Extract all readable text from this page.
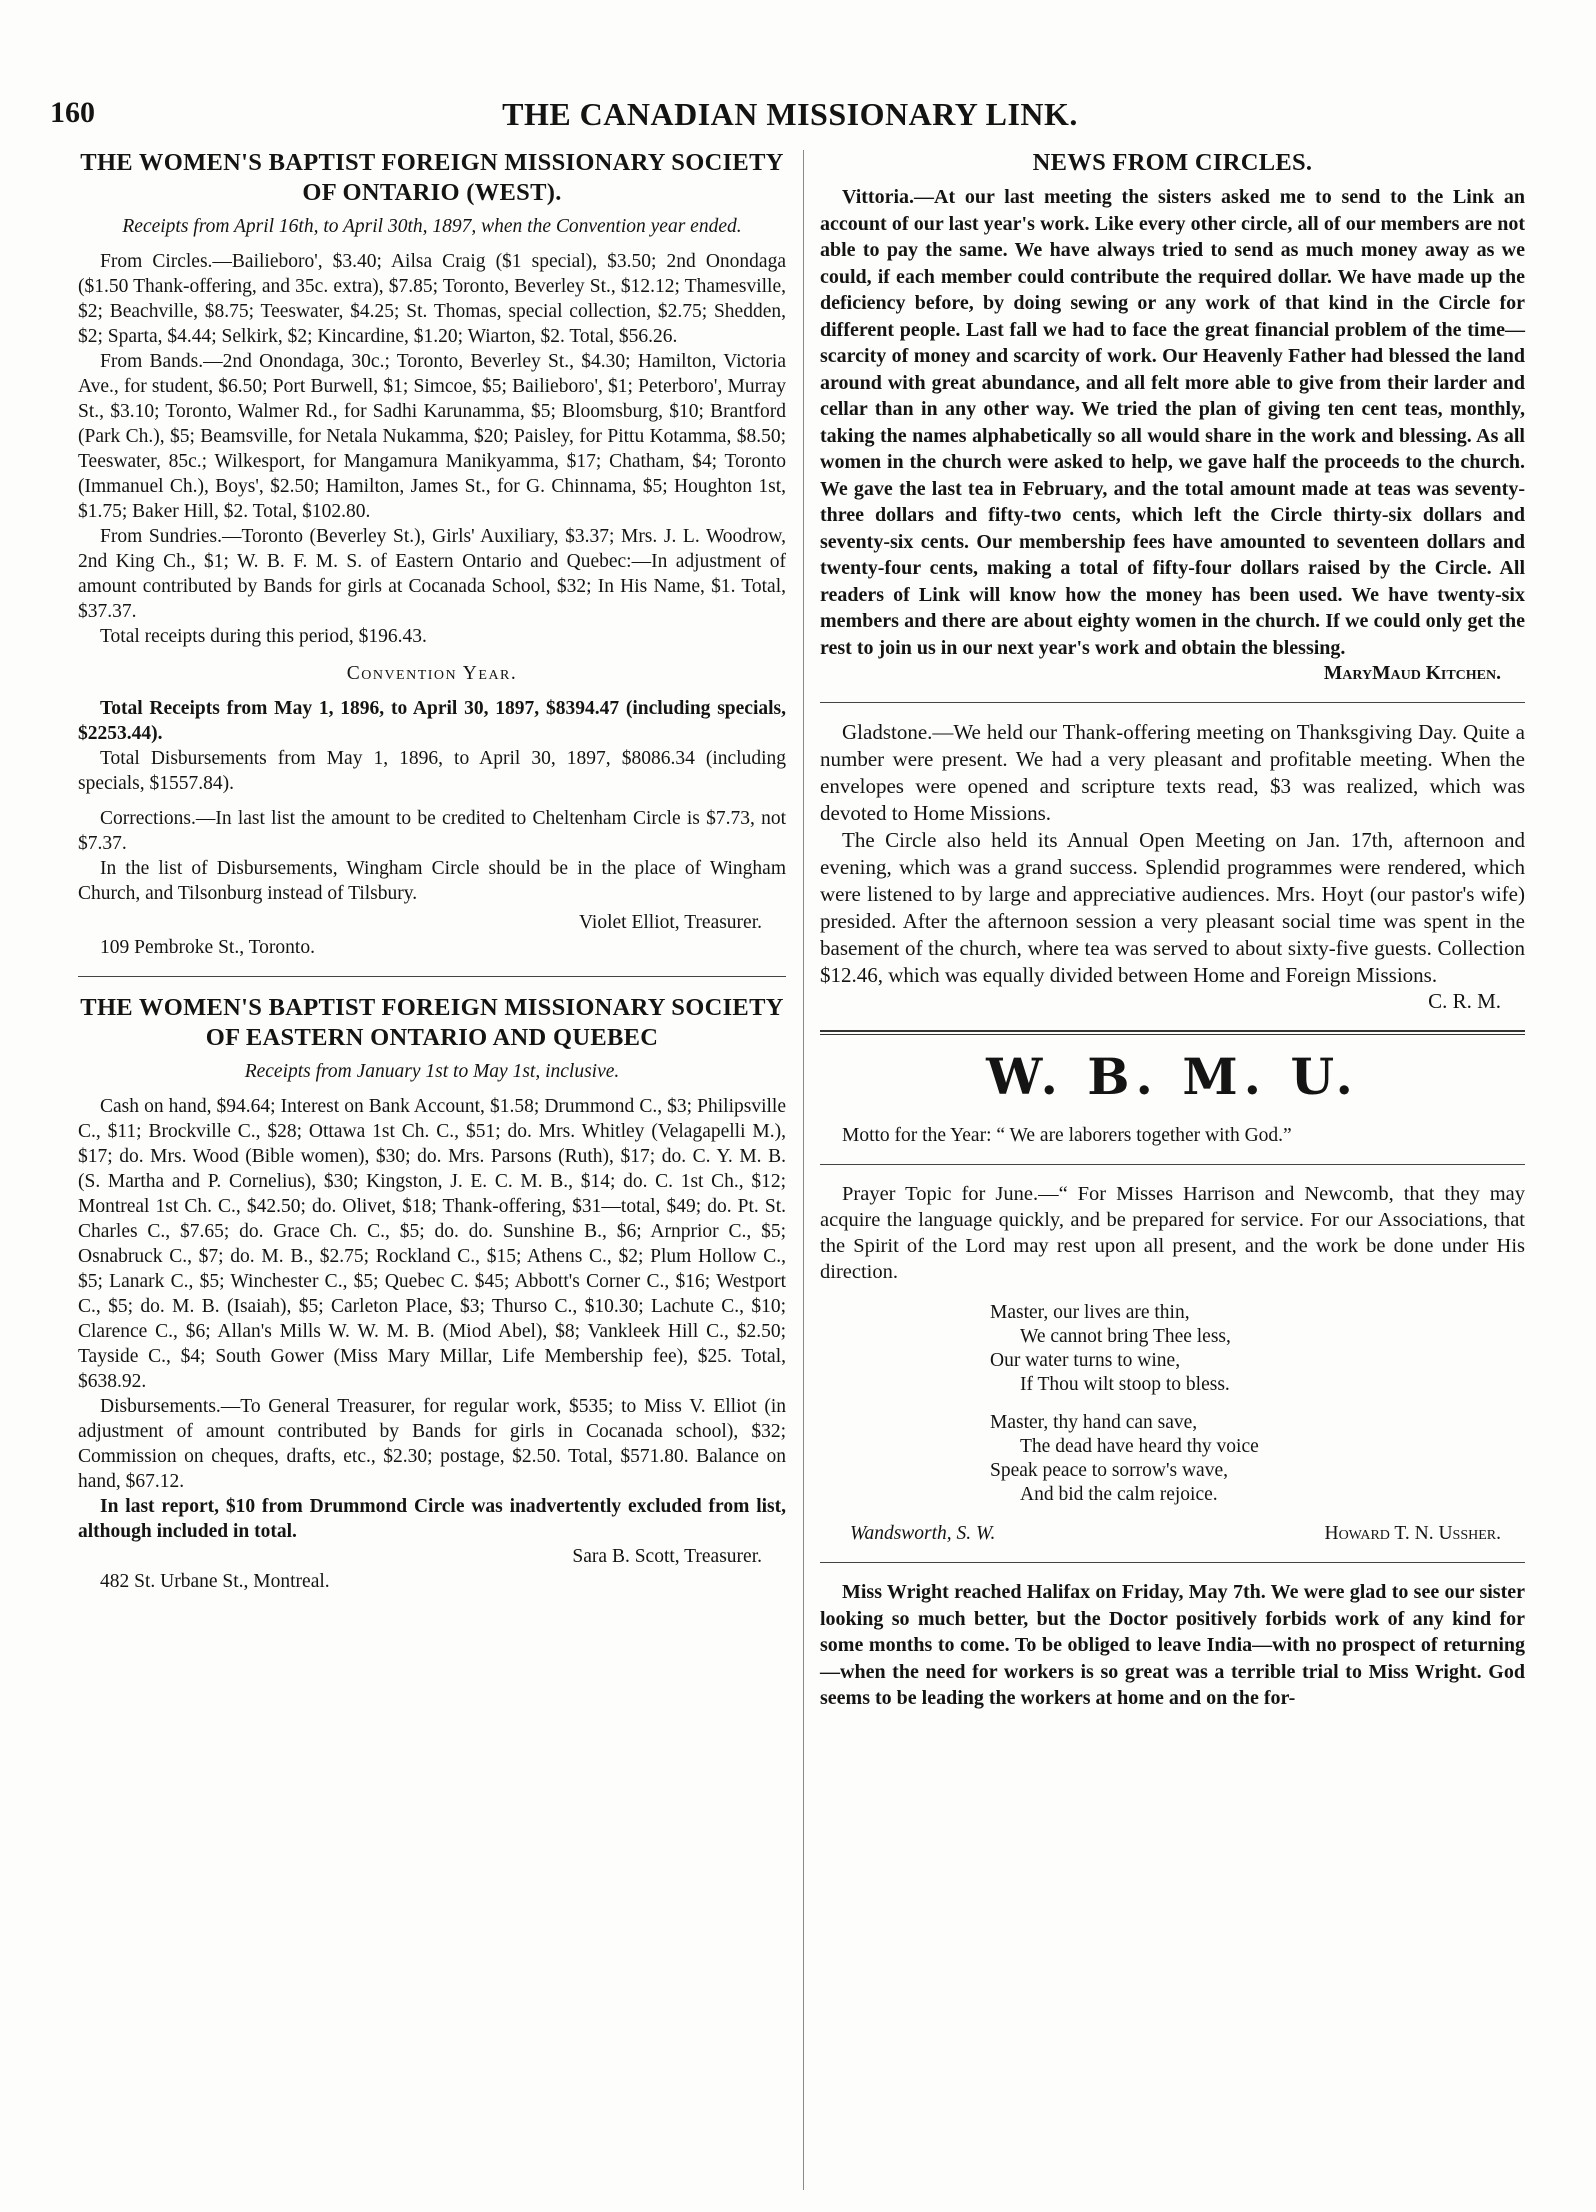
160	THE CANADIAN MISSIONARY LINK.
THE WOMEN'S BAPTIST FOREIGN MISSIONARY SOCIETY OF ONTARIO (WEST).
Receipts from April 16th, to April 30th, 1897, when the Convention year ended.

From Circles.—Bailieboro', $3.40; Ailsa Craig ($1 special), $3.50; 2nd Onondaga ($1.50 Thank-offering, and 35c. extra), $7.85; Toronto, Beverley St., $12.12; Thamesville, $2; Beachville, $8.75; Teeswater, $4.25; St. Thomas, special collection, $2.75; Shedden, $2; Sparta, $4.44; Selkirk, $2; Kincardine, $1.20; Wiarton, $2. Total, $56.26.

From Bands.—2nd Onondaga, 30c.; Toronto, Beverley St., $4.30; Hamilton, Victoria Ave., for student, $6.50; Port Burwell, $1; Simcoe, $5; Bailieboro', $1; Peterboro', Murray St., $3.10; Toronto, Walmer Rd., for Sadhi Karunamma, $5; Bloomsburg, $10; Brantford (Park Ch.), $5; Beamsville, for Netala Nukamma, $20; Paisley, for Pittu Kotamma, $8.50; Teeswater, 85c.; Wilkesport, for Mangamura Manikyamma, $17; Chatham, $4; Toronto (Immanuel Ch.), Boys', $2.50; Hamilton, James St., for G. Chinnama, $5; Houghton 1st, $1.75; Baker Hill, $2. Total, $102.80.

From Sundries.—Toronto (Beverley St.), Girls' Auxiliary, $3.37; Mrs. J. L. Woodrow, 2nd King Ch., $1; W. B. F. M. S. of Eastern Ontario and Quebec:—In adjustment of amount contributed by Bands for girls at Cocanada School, $32; In His Name, $1. Total, $37.37.

Total receipts during this period, $196.43.

Convention Year.

Total Receipts from May 1, 1896, to April 30, 1897, $8394.47 (including specials, $2253.44).

Total Disbursements from May 1, 1896, to April 30, 1897, $8086.34 (including specials, $1557.84).

Corrections.—In last list the amount to be credited to Cheltenham Circle is $7.73, not $7.37.

In the list of Disbursements, Wingham Circle should be in the place of Wingham Church, and Tilsonburg instead of Tilsbury.

Violet Elliot, Treasurer.

109 Pembroke St., Toronto.

THE WOMEN'S BAPTIST FOREIGN MISSIONARY SOCIETY OF EASTERN ONTARIO AND QUEBEC
Receipts from January 1st to May 1st, inclusive.

Cash on hand, $94.64; Interest on Bank Account, $1.58; Drummond C., $3; Philipsville C., $11; Brockville C., $28; Ottawa 1st Ch. C., $51; do. Mrs. Whitley (Velagapelli M.), $17; do. Mrs. Wood (Bible women), $30; do. Mrs. Parsons (Ruth), $17; do. C. Y. M. B. (S. Martha and P. Cornelius), $30; Kingston, J. E. C. M. B., $14; do. C. 1st Ch., $12; Montreal 1st Ch. C., $42.50; do. Olivet, $18; Thank-offering, $31—total, $49; do. Pt. St. Charles C., $7.65; do. Grace Ch. C., $5; do. do. Sunshine B., $6; Arnprior C., $5; Osnabruck C., $7; do. M. B., $2.75; Rockland C., $15; Athens C., $2; Plum Hollow C., $5; Lanark C., $5; Winchester C., $5; Quebec C. $45; Abbott's Corner C., $16; Westport C., $5; do. M. B. (Isaiah), $5; Carleton Place, $3; Thurso C., $10.30; Lachute C., $10; Clarence C., $6; Allan's Mills W. W. M. B. (Miod Abel), $8; Vankleek Hill C., $2.50; Tayside C., $4; South Gower (Miss Mary Millar, Life Membership fee), $25. Total, $638.92.

Disbursements.—To General Treasurer, for regular work, $535; to Miss V. Elliot (in adjustment of amount contributed by Bands for girls in Cocanada school), $32; Commission on cheques, drafts, etc., $2.30; postage, $2.50. Total, $571.80. Balance on hand, $67.12.

In last report, $10 from Drummond Circle was inadvertently excluded from list, although included in total.

Sara B. Scott, Treasurer.

482 St. Urbane St., Montreal.

NEWS FROM CIRCLES.

Vittoria.—At our last meeting the sisters asked me to send to the Link an account of our last year's work. Like every other circle, all of our members are not able to pay the same. We have always tried to send as much money away as we could, if each member could contribute the required dollar. We have made up the deficiency before, by doing sewing or any work of that kind in the Circle for different people. Last fall we had to face the great financial problem of the time—scarcity of money and scarcity of work. Our Heavenly Father had blessed the land around with great abundance, and all felt more able to give from their larder and cellar than in any other way. We tried the plan of giving ten cent teas, monthly, taking the names alphabetically so all would share in the work and blessing. As all women in the church were asked to help, we gave half the proceeds to the church. We gave the last tea in February, and the total amount made at teas was seventy-three dollars and fifty-two cents, which left the Circle thirty-six dollars and seventy-six cents. Our membership fees have amounted to seventeen dollars and twenty-four cents, making a total of fifty-four dollars raised by the Circle. All readers of Link will know how the money has been used. We have twenty-six members and there are about eighty women in the church. If we could only get the rest to join us in our next year's work and obtain the blessing.

MaryMaud Kitchen.

Gladstone.—We held our Thank-offering meeting on Thanksgiving Day. Quite a number were present. We had a very pleasant and profitable meeting. When the envelopes were opened and scripture texts read, $3 was realized, which was devoted to Home Missions.

The Circle also held its Annual Open Meeting on Jan. 17th, afternoon and evening, which was a grand success. Splendid programmes were rendered, which were listened to by large and appreciative audiences. Mrs. Hoyt (our pastor's wife) presided. After the afternoon session a very pleasant social time was spent in the basement of the church, where tea was served to about sixty-five guests. Collection $12.46, which was equally divided between Home and Foreign Missions.

C. R. M.

W. B. M. U.

Motto for the Year: “ We are laborers together with God.”

Prayer Topic for June.—“ For Misses Harrison and Newcomb, that they may acquire the language quickly, and be prepared for service. For our Associations, that the Spirit of the Lord may rest upon all present, and the work be done under His direction.

Master, our lives are thin,

We cannot bring Thee less,

Our water turns to wine,

If Thou wilt stoop to bless.

Master, thy hand can save,

The dead have heard thy voice

Speak peace to sorrow's wave,

And bid the calm rejoice.

Wandsworth, S. W.	Howard T. N. Ussher.

Miss Wright reached Halifax on Friday, May 7th. We were glad to see our sister looking so much better, but the Doctor positively forbids work of any kind for some months to come. To be obliged to leave India—with no prospect of returning—when the need for workers is so great was a terrible trial to Miss Wright. God seems to be leading the workers at home and on the for-
